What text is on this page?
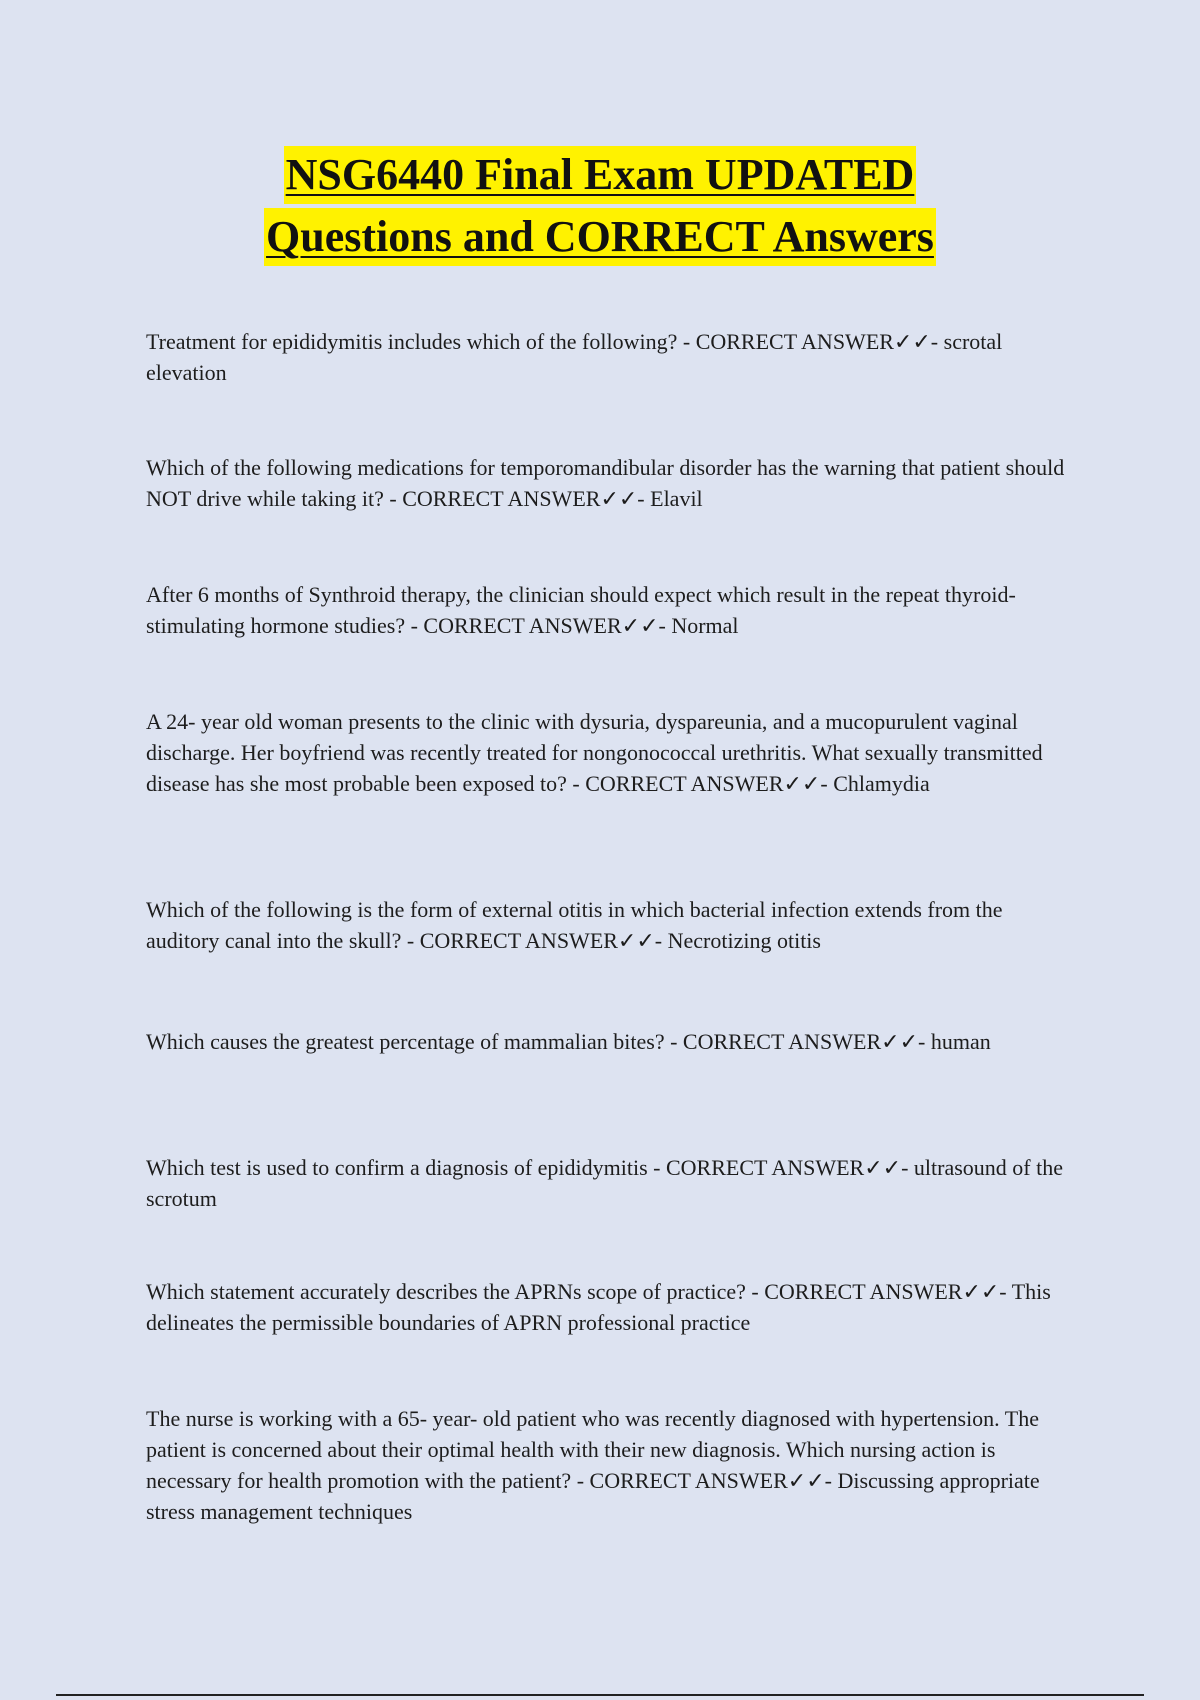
NSG6440 Final Exam UPDATED
Questions and CORRECT Answers
Treatment for epididymitis includes which of the following? - CORRECT ANSWER✓✓- scrotal elevation
Which of the following medications for temporomandibular disorder has the warning that patient should NOT drive while taking it? - CORRECT ANSWER✓✓- Elavil
After 6 months of Synthroid therapy, the clinician should expect which result in the repeat thyroid-stimulating hormone studies? - CORRECT ANSWER✓✓- Normal
A 24- year old woman presents to the clinic with dysuria, dyspareunia, and a mucopurulent vaginal discharge. Her boyfriend was recently treated for nongonococcal urethritis. What sexually transmitted disease has she most probable been exposed to? - CORRECT ANSWER✓✓- Chlamydia
Which of the following is the form of external otitis in which bacterial infection extends from the auditory canal into the skull? - CORRECT ANSWER✓✓- Necrotizing otitis
Which causes the greatest percentage of mammalian bites? - CORRECT ANSWER✓✓- human
Which test is used to confirm a diagnosis of epididymitis - CORRECT ANSWER✓✓- ultrasound of the scrotum
Which statement accurately describes the APRNs scope of practice? - CORRECT ANSWER✓✓- This delineates the permissible boundaries of APRN professional practice
The nurse is working with a 65- year- old patient who was recently diagnosed with hypertension. The patient is concerned about their optimal health with their new diagnosis. Which nursing action is necessary for health promotion with the patient? - CORRECT ANSWER✓✓- Discussing appropriate stress management techniques
